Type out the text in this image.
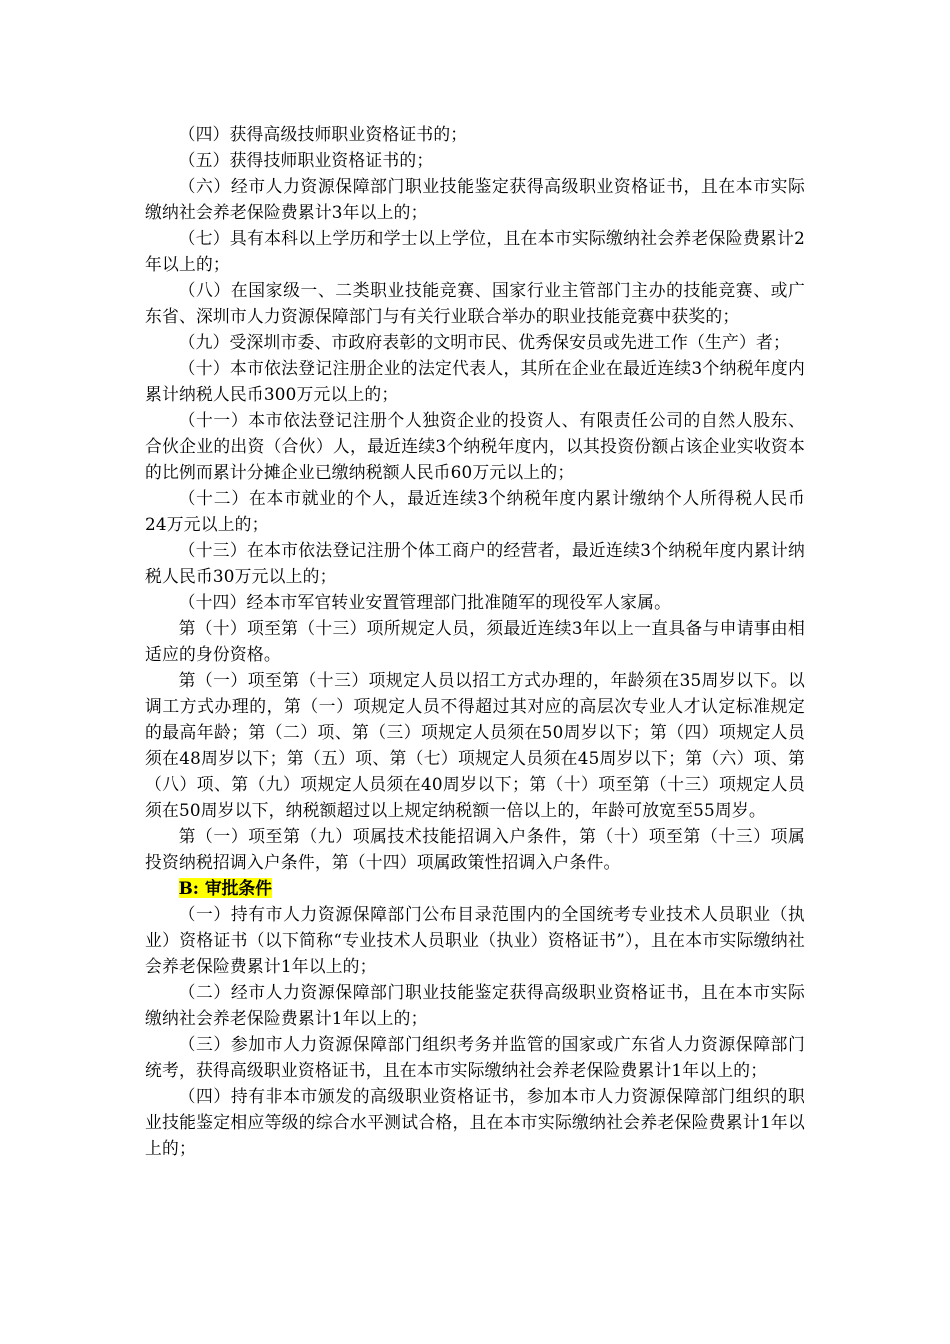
（四）获得高级技师职业资格证书的；

（五）获得技师职业资格证书的；

（六）经市人力资源保障部门职业技能鉴定获得高级职业资格证书，且在本市实际缴纳社会养老保险费累计3年以上的；

（七）具有本科以上学历和学士以上学位，且在本市实际缴纳社会养老保险费累计2年以上的；

（八）在国家级一、二类职业技能竞赛、国家行业主管部门主办的技能竞赛、或广东省、深圳市人力资源保障部门与有关行业联合举办的职业技能竞赛中获奖的；

（九）受深圳市委、市政府表彰的文明市民、优秀保安员或先进工作（生产）者；

（十）本市依法登记注册企业的法定代表人，其所在企业在最近连续3个纳税年度内累计纳税人民币300万元以上的；

（十一）本市依法登记注册个人独资企业的投资人、有限责任公司的自然人股东、合伙企业的出资（合伙）人，最近连续3个纳税年度内，以其投资份额占该企业实收资本的比例而累计分摊企业已缴纳税额人民币60万元以上的；

（十二）在本市就业的个人，最近连续3个纳税年度内累计缴纳个人所得税人民币24万元以上的；

（十三）在本市依法登记注册个体工商户的经营者，最近连续3个纳税年度内累计纳税人民币30万元以上的；

（十四）经本市军官转业安置管理部门批准随军的现役军人家属。

第（十）项至第（十三）项所规定人员，须最近连续3年以上一直具备与申请事由相适应的身份资格。

第（一）项至第（十三）项规定人员以招工方式办理的，年龄须在35周岁以下。以调工方式办理的，第（一）项规定人员不得超过其对应的高层次专业人才认定标准规定的最高年龄；第（二）项、第（三）项规定人员须在50周岁以下；第（四）项规定人员须在48周岁以下；第（五）项、第（七）项规定人员须在45周岁以下；第（六）项、第（八）项、第（九）项规定人员须在40周岁以下；第（十）项至第（十三）项规定人员须在50周岁以下，纳税额超过以上规定纳税额一倍以上的，年龄可放宽至55周岁。

第（一）项至第（九）项属技术技能招调入户条件，第（十）项至第（十三）项属投资纳税招调入户条件，第（十四）项属政策性招调入户条件。

B: 审批条件

（一）持有市人力资源保障部门公布目录范围内的全国统考专业技术人员职业（执业）资格证书（以下简称“专业技术人员职业（执业）资格证书”），且在本市实际缴纳社会养老保险费累计1年以上的；

（二）经市人力资源保障部门职业技能鉴定获得高级职业资格证书，且在本市实际缴纳社会养老保险费累计1年以上的；

（三）参加市人力资源保障部门组织考务并监管的国家或广东省人力资源保障部门统考，获得高级职业资格证书，且在本市实际缴纳社会养老保险费累计1年以上的；

（四）持有非本市颁发的高级职业资格证书，参加本市人力资源保障部门组织的职业技能鉴定相应等级的综合水平测试合格，且在本市实际缴纳社会养老保险费累计1年以上的；
